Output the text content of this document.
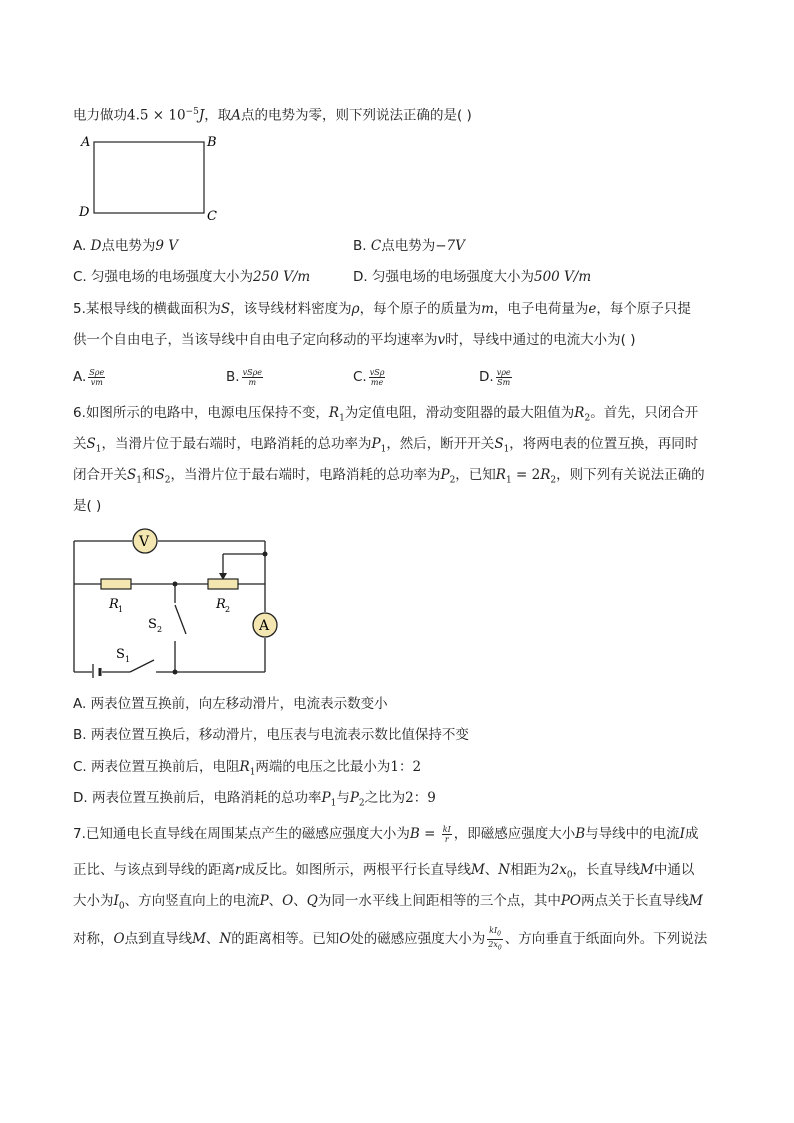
电力做功$4.5 \times 10^{-5}J$，取A点的电势为零，则下列说法正确的是( )
A	B
C
D
A. D点电势为9 V	B. C点电势为−7V
C. 匀强电场的电场强度大小为250 V/m	D. 匀强电场的电场强度大小为500 V/m
5.某根导线的横截面积为S，该导线材料密度为ρ，每个原子的质量为m，电子电荷量为e，每个原子只提
供一个自由电子，当该导线中自由电子定向移动的平均速率为v时，导线中通过的电流大小为( )
A. $\frac{\text{Sρe}}{vm}$	B. $\frac{\text{vSρe}}{m}$	C. $\frac{\text{vSρ}}{me}$	D. $\frac{\text{vρe}}{Sm}$
6.如图所示的电路中，电源电压保持不变，$R_1$为定值电阻，滑动变阻器的最大阻值为$R_2$。首先，只闭合开
关$S_1$，当滑片位于最右端时，电路消耗的总功率为$P_1$，然后，断开开关$S_1$，将两电表的位置互换，再同时
闭合开关$S_1$和$S_2$，当滑片位于最右端时，电路消耗的总功率为$P_2$，已知$R_1 = 2R_2$，则下列有关说法正确的
是( )
V
A
R 1	R 2
S 2
S 1
A. 两表位置互换前，向左移动滑片，电流表示数变小
B. 两表位置互换后，移动滑片，电压表与电流表示数比值保持不变
C. 两表位置互换前后，电阻$R_1$两端的电压之比最小为1：2
D. 两表位置互换前后，电路消耗的总功率$P_1$与$P_2$之比为2：9
7.已知通电长直导线在周围某点产生的磁感应强度大小为$B = \frac{kI}{r}$ ，即磁感应强度大小B与导线中的电流I成
正比、与该点到导线的距离r成反比。如图所示，两根平行长直导线M、N相距为$2x_0$，长直导线M中通以
大小为$I_0$、方向竖直向上的电流P、O、Q为同一水平线上间距相等的三个点，其中PO两点关于长直导线M
对称，O点到直导线M、N的距离相等。已知O处的磁感应强度大小为 $\frac{kI_0}{2x_0}$ 、方向垂直于纸面向外。下列说法
